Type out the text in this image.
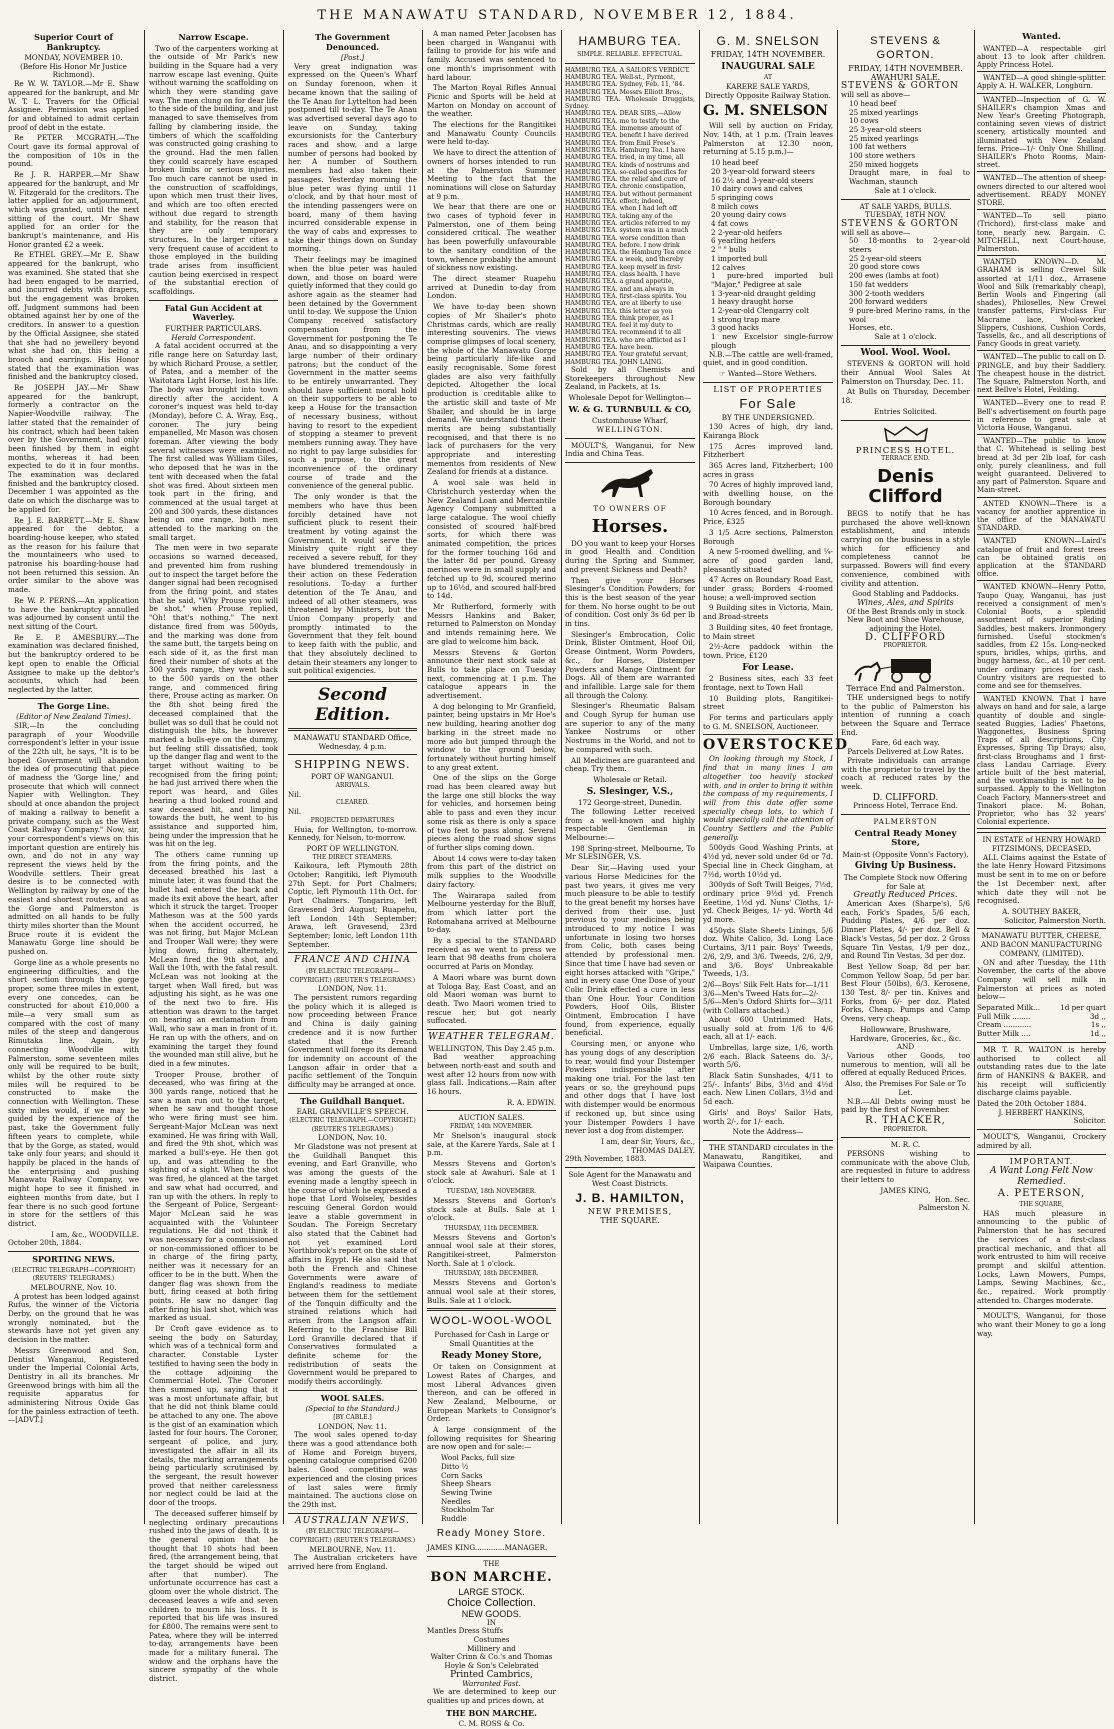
THE MANAWATU STANDARD, NOVEMBER 12, 1884.
Superior Court of Bankruptcy.
MONDAY, NOVEMBER 10.
(Before His Honor Mr Justice Richmond).

Re W. W. TAYLOR.—Mr E. Shaw appeared for the bankrupt, and Mr W. T. L. Travers for the Official Assignee. Permission was applied for and obtained to admit certain proof of debt in the estate.

Re PETER MCGRATH.—The Court gave its formal approval of the composition of 10s in the pound.

Re J. R. HARPER.—Mr Shaw appeared for the bankrupt, and Mr W. Fitzgerald for the creditors. The latter applied for an adjournment, which was granted, until the next sitting of the court. Mr Shaw applied for an order for the bankrupt's maintenance, and His Honor granted £2 a week.

Re ETHEL GREY.—Mr E. Shaw appeared for the bankrupt, who was examined. She stated that she had been engaged to be married, and incurred debts with drapers, but the engagement was broken off. Judgment summons had been obtained against her by one of the creditors. In answer to a question by the Official Assignee, she stated that she had no jewellery beyond what she had on, this being a brooch and earrings. His Honor stated that the examination was finished and the bankruptcy closed.

Re JOSEPH JAY.—Mr Shaw appeared for the bankrupt, formerly a contractor on the Napier-Woodville railway. The latter stated that the remainder of his contract, which had been taken over by the Government, had only been finished by them in eight months, whereas it had been expected to do it in four months. The examination was declared finished and the bankruptcy closed. December 1 was appointed as the date on which the discharge was to be applied for.

Re J. E. BARRETT.—Mr E. Shaw appeared for the debtor, a boarding-house keeper, who stated as the reason for his failure that the mountaineers who used to patronise his boarding-house had not been returned this session. An order similar to the above was made.

Re W. P. PERNS.—An application to have the bankruptcy annulled was adjourned by consent until the next sitting of the Court.

Re E. P. AMESBURY.—The examination was declared finished, but the bankruptcy ordered to be kept open to enable the Official Assignee to make up the debtor's accounts, which had been neglected by the latter.

The Gorge Line.
(Editor of New Zealand Times).

SIR,—In the concluding paragraph of your Woodville correspondent's letter in your issue of the 22th ult, he says, "It is to be hoped Government will abandon the idea of prosecuting that piece of madness the 'Gorge line,' and prosecute that which will connect Napier with Wellington. They should at once abandon the project of making a railway to benefit a private company, such as the West Coast Railway Company." Now, sir, your correspondent's views on this important question are entirely his own, and do not in any way represent the views held by the Woodville settlers. Their great desire is to be connected with Wellington by railway by one of the easiest and shortest routes, and as the Gorge and Palmerston is admitted on all hands to be fully thirty miles shorter than the Mount Bruce route it is evident the Manawatu Gorge line should be pushed on.

Gorge line as a whole presents no engineering difficulties, and the short section through the gorge proper, some three miles in extent, every one concedes, can be constructed for about £10,000 a mile—a very small sum as compared with the cost of many miles of the steep and dangerous Rimutaka line. Again, by connecting Woodville with Palmerston, some seventeen miles only will be required to be built, whilst by the other route sixty miles will be required to be constructed to make the connection with Wellington. These sixty miles would, if we may be guided by the experience of the past, take the Government fully fifteen years to complete, while that by the Gorge, as stated, would take only four years; and should it happily be placed in the hands of the enterprising and pushing Manawatu Railway Company, we might hope to see it finished in eighteen months from date, but I fear there is no such good fortune in store for the settlers of this district.

I am, &c., WOODVILLE.
October 20th, 1884.
SPORTING NEWS.
(ELECTRIC TELEGRAPH—COPYRIGHT) (REUTERS' TELEGRAMS.)
MELBOURNE, Nov. 10.

A protest has been lodged against Rufus, the winner of the Victoria Derby, on the ground that he was wrongly nominated, but the stewards have not yet given any decision in the matter.

Messrs Greenwood and Son, Dentist Wanganui, Registered under the Imperial Colonial Acts, Dentistry in all its branches. Mr Greenwood brings with him all the requisite apparatus for administering Nitrous Oxide Gas for the painless extraction of teeth.—[ADVT.]

Narrow Escape.

Two of the carpenters working at the outside of Mr Park's new building in the Square had a very narrow escape last evening. Quite without warning the scaffolding on which they were standing gave way. The men clung on for dear life to the side of the building, and just managed to save themselves from falling by clambering inside, the timbers of which the scaffolding was constructed going crashing to the ground. Had the men fallen they could scarcely have escaped broken limbs or serious injuries. Too much care cannot be used in the construction of scaffoldings, upon which men trust their lives, and which are too often erected without due regard to strength and stability, for the reason that they are only temporary structures. In the larger cities a very frequent cause of accident to those employed in the building trade arises from insufficient caution being exercised in respect of the substantial erection of scaffoldings.

Fatal Gun Accident at Waverley.
FURTHER PARTICULARS.
Herald Correspondent.

A fatal accident occurred at the rifle range here on Saturday last, by which Richard Prouse, a settler, of Patea, and a member of the Waitotara Light Horse, lost his life. The body was brought into town directly after the accident. A coroner's inquest was held to-day (Monday), before C. A. Wray, Esq., coroner. The jury being empanelled, Mr Mason was chosen foreman. After viewing the body several witnesses were examined. The first called was William Giles, who deposed that he was in the tent with deceased when the fatal shot was fired. About sixteen men took part in the firing, and commenced at the usual target at 200 and 300 yards, these distances being on one range, both men attended to the marking on the small target.

The men were in two separate occasions so warned deceased, and prevented him from rushing out to inspect the target before the danger signal had been recognised from the firing point, and states that he said, "Why Prouse you will be shot," when Prouse replied, "Oh! that's nothing." The next distance fired from was 500yds, and the marking was done from the same butt, the targets being on each side of it, as the first man fired their number of shots at the 300 yards range, they went back to the 500 yards on the other range, and commenced firing there, Prouse acting as marker. On the 8th shot being fired the deceased complained that the bullet was so dull that he could not distinguish the hits, he however marked a bulls-eye on the dummy, but feeling still dissatisfied, took up the danger flag and went to the target without waiting to be recognised from the firing point; he had just arrived there when the report was heard, and Giles hearing a thud looked round and saw deceased hit, and limping towards the butt, he went to his assistance and supported him, being under the impression that he was hit on the leg.

The others came running up from the firing points, and the deceased breathed his last a minute later, it was found that the bullet had entered the back and made its exit above the heart, after which it struck the target. Trooper Matheson was at the 500 yards when the accident occurred, he was not firing, but Major McLean and Trooper Wall were; they were lying down, firing alternately, McLean fired the 9th shot, and Wall the 10th, with the fatal result. McLean was not looking at the target when Wall fired, but was adjusting his sight, as he was one of the next two to fire. His attention was drawn to the target on hearing an exclamation from Wall, who saw a man in front of it. He ran up with the others, and on examining the target they found the wounded man still alive, but he died in a few minutes.

Trooper Prouse, brother of deceased, who was firing at the 300 yards range, noticed that he saw a man run out to the target, when he saw and thought those who were firing must see him. Sergeant-Major McLean was next examined. He was firing with Wall, and fired the 9th shot, which was marked a bull's-eye. He then got up, and was attending to the sighting of a sight. When the shot was fired, he glanced at the target and saw what had occurred, and ran up with the others. In reply to the Sergeant of Police, Sergeant-Major McLean said he was acquainted with the Volunteer regulations. He did not think it was necessary for a commissioned or non-commissioned officer to be in charge of the firing party, neither was it necessary for an officer to be in the butt. When the danger flag was shown from the butt, firing ceased at both firing points. He saw no danger flag after firing his last shot, which was marked as usual.

Dr Croft gave evidence as to seeing the body on Saturday, which was of a technical form and character. Constable Lyster testified to having seen the body in the cottage adjoining the Commercial Hotel. The Coroner then summed up, saying that it was a most unfortunate affair, but that he did not think blame could be attached to any one. The above is the gist of an examination which lasted for four hours. The Coroner, sergeant of police, and jury, investigated the affair in all its details, the marking arrangements being particularly scrutinised by the sergeant, the result however proved that neither carelessness nor neglect could be laid at the door of the troops.

The deceased sufferer himself by neglecting ordinary precautions rushed into the jaws of death. It is the general opinion that he thought that 10 shots had been fired, (the arrangement being, that the target should be wiped out after that number). The unfortunate occurrence has cast a gloom over the whole district. The deceased leaves a wife and seven children to mourn his loss. It is reported that his life was insured for £800. The remains were sent to Patea, where they will be interred to-day, arrangements have been made for a military funeral. The widow and the orphans have the sincere sympathy of the whole district.

The Government Denounced.
[Post.]

Very great indignation was expressed on the Queen's Wharf on Sunday forenoon, when it became known that the sailing of the Te Anau for Lyttelton had been postponed till to-day. The Te Anau was advertised several days ago to leave on Sunday, taking excursionists for the Canterbury races and show, and a large number of persons had booked by her. A number of Southern members had also taken their passages. Yesterday morning the blue peter was flying until 11 o'clock, and by that hour most of the intending passengers were on board, many of them having incurred considerable expense in the way of cabs and expresses to take their things down on Sunday morning.

Their feelings may be imagined when the blue peter was hauled down, and those on board were quietly informed that they could go ashore again as the steamer had been detained by the Government until to-day. We suppose the Union Company received satisfactory compensation from the Government for postponing the Te Anau, and so disappointing a very large number of their ordinary patrons; but the conduct of the Government in the matter seems to be entirely unwarranted. They should have sufficient moral hold on their supporters to be able to keep a House for the transaction of necessary business, without having to resort to the expedient of stopping a steamer to prevent members running away. They have no right to pay large subsidies for such a purpose, to the great inconvenience of the ordinary course of trade and the convenience of the general public.

The only wonder is that the members who have thus been forcibly detained have not sufficient pluck to resent their treatment by voting against the Government. It would serve the Ministry quite right if they received a severe rebuff, for they have blundered tremendously in their action on these Federation resolutions. To-day a further detention of the Te Anau, and indeed of all other steamers, was threatened by Ministers, but the Union Company properly and promptly intimated to the Government that they felt bound to keep faith with the public, and that they absolutely declined to detain their steamers any longer to suit political exigencies.

Second Edition.
MANAWATU STANDARD Office, Wednesday, 4 p.m.
SHIPPING NEWS.
PORT OF WANGANUI.
ARRIVALS.
Nil.
CLEARED.
Nil.
PROJECTED DEPARTURES

Huia, for Wellington, to-morrow. Kennedy, for Nelson, to-morrow.

PORT OF WELLINGTON.
THE DIRECT STEAMERS.

Kaikoura, left Plymouth 28th October; Rangitiki, left Plymouth 27th Sept. for Port Chalmers; Coptic, left Plymouth 11th Oct. for Port Chalmers. Tongariro, left Gravesend 3rd August; Ruapehu, left London 14th September; Arawa, left Gravesend, 23rd September; Ionic, left London 11th September.

FRANCE AND CHINA
(BY ELECTRIC TELEGRAPH—COPYRIGHT.) (REUTER'S TELEGRAMS.)
LONDON, Nov. 11.

The persistent rumors regarding the policy which it is alleged is now proceeding between France and China is daily gaining credence and it is now further stated that the French Government will forego its demand for indemnity on account of the Langson affair in order that a pacific settlement of the Tonquin difficulty may be arranged at once.

The Guildhall Banquet.
EARL GRANVILLE'S SPEECH.
(ELECTRIC TELEGRAPH.—COPYRIGHT.) (REUTER'S TELEGRAMS.)
LONDON, Nov. 10.

Mr Gladstone was not present at the Guildhall Banquet this evening, and Earl Granville, who was among the guests of the evening made a lengthy speech in the course of which he expressed a hope that Lord Wolseley, besides rescuing General Gordon would leave a stable government in Soudan. The Foreign Secretary also stated that the Cabinet had not yet examined Lord Northbrook's report on the state of affairs in Egypt. He also said that both the French and Chinese Governments were aware of England's readiness to mediate between them for the settlement of the Tonquin difficulty and the strained relations which had arisen from the Langson affair. Referring to the Franchise Bill Lord Granville declared that if Conservatives formulated a definite scheme for the redistribution of seats the Government would be prepared to modify theirs accordingly.

WOOL SALES.
(Special to the Standard.)
[BY CABLE.]
LONDON, Nov. 11.

The wool sales opened to-day there was a good attendance both of Home and Foreign buyers, opening catalogue comprised 6200 bales. Good competition was experienced and the closing prices of last sales were firmly maintained. The auctions close on the 29th inst.

AUSTRALIAN NEWS.
(BY ELECTRIC TELEGRAPH—COPYRIGHT.) (REUTER'S TELEGRAMS.)
MELBOURNE, Nov. 11.

The Australian cricketers have arrived here from England.

A man named Peter Jacobsen has been charged in Wanganui with failing to provide for his wife and family. Accused was sentenced to one month's imprisonment with hard labour.

The Marton Royal Rifles Annual Picnic and Sports will be held at Marton on Monday on account of the weather.

The elections for the Rangitikei and Manawatu County Councils were held to-day.

We have to direct the attention of owners of horses intended to run at the Palmerston Summer Meeting to the fact that the nominations will close on Saturday at 9 p.m.

We hear that there are one or two cases of typhoid fever in Palmerston, one of them being considered critical. The weather has been powerfully unfavourable to the sanitary condition of the town, whence probably the amount of sickness now existing.

The direct steamer Ruapehu arrived at Dunedin to-day from London.

We have to-day been shown copies of Mr Shailer's photo Christmas cards, which are really interesting souvenirs. The views comprise glimpses of local scenery, the whole of the Manawatu Gorge being particularly life-like and easily recognisable. Some forest glades are also very faithfully depicted. Altogether the local production is creditable alike to the artistic skill and taste of Mr Shailer, and should be in large demand. We understand that their merits are being substantially recognised, and that there is no lack of purchasers for the very appropriate and interesting mementos from residents of New Zealand for friends at a distance.

A wool sale was held in Christchurch yesterday when the New Zealand Loan and Mercantile Agency Company submitted a large catalogue. The wool chiefly consisted of scoured half-bred sorts, for which there was animated competition, the prices for the former touching 16d and the latter 8d per pound. Greasy merinoes were in small supply and fetched up to 9d, scoured merino up to 16½d, and scoured half-bred to 14d.

Mr Rutherford, formerly with Messrs Hankins and Baker, returned to Palmerston on Monday and intends remaining here. We are glad to welcome him back.

Messrs Stevens & Gorton announce their next stock sale at Bulls to take place on Tuesday next, commencing at 1 p.m. The catalogue appears in the advertisement.

A dog belonging to Mr Granfield, painter, being upstairs in Mr Hoe's new building, hearing another dog barking in the street made no more ado but jumped through the window to the ground below, fortunately without hurting himself to any great extent.

One of the slips on the Gorge road has been cleared away but the large one still blocks the way for vehicles, and horsemen being able to pass and even they incur some risk as there is only a space of two feet to pass along. Several pieces along the road show signs of further slips coming down.

About 14 cows were to-day taken from this part of the district on milk supplies to the Woodville dairy factory.

The Wairarapa sailed from Melbourne yesterday for the Bluff, from which latter port the Rotomahana arrived at Melbourne to-day.

By a special to the STANDARD received as we went to press we learn that 98 deaths from cholera occurred at Paris on Monday.

A Maori whare was burnt down at Tologa Bay, East Coast, and an old Maori woman was burnt to death. Two Maori women tried to rescue her, but got nearly suffocated.

WEATHER TELEGRAM.
WELLINGTON, This Day 2.45 p.m.

Bad weather approaching between north-east and south and west after 12 hours from now with glass fall. Indications.—Rain after 16 hours.

R. A. EDWIN.
AUCTION SALES.
FRIDAY, 14th NOVEMBER.

Mr Snelson's inaugural stock sale, at the Karere Yards. Sale at 1 p.m.

Messrs Stevens and Gorton's stock sale at Awahuri. Sale at 1 o'clock.

TUESDAY, 18th NOVEMBER.

Messrs Stevens and Gorton's stock sale at Bulls. Sale at 1 o'clock.

THURSDAY, 11th DECEMBER.

Messrs Stevens and Gorton's annual wool sale at their stores, Rangitikei-street, Palmerston North. Sale at 1 o'clock.

THURSDAY, 18th DECEMBER.

Messrs Stevens and Gorton's annual wool sale at their stores, Bulls. Sale at 1 o'clock.

WOOL-WOOL-WOOL
Purchased for Cash in Large or Small Quantities at the
Ready Money Store,

Or taken on Consignment at Lowest Rates of Charges, and most Liberal Advances given thereon, and can be offered in New Zealand, Melbourne, or European Markets to Consignor's Order.

A large consignment of the following requisites for Shearing are now open and for sale:—

Wool Packs, full size
Ditto ½
Corn Sacks
Sheep Shears
Sewing Twine
Needles
Stockholm Tar
Ruddle
Ready Money Store.
JAMES KING.............MANAGER.
THE
BON MARCHE.
LARGE STOCK.
Choice Collection.
NEW GOODS.
IN
Mantles Dress Stuffs
Costumes
Millinery and
Walter Crinn & Co.'s and Thomas Hoyle & Son's Celebrated
Printed Cambrics,
Warranted Fast.

We are determined to keep our qualities up and prices down, at

THE BON MARCHE.
C. M. ROSS & Co.
HAMBURG TEA.
SIMPLE. RELIABLE. EFFECTUAL.
HAMBURG TEA. A SAILOR'S VERDICT.
HAMBURG TEA. Well-st., Pyrmont,
HAMBURG TEA. Sydney, Feb. 11, '84.
HAMBURG TEA. Messrs Elliott Bros.,
HAMBURG TEA. Wholesale Druggists, Sydney.
HAMBURG TEA. DEAR SIRS,—Allow
HAMBURG TEA. me to testify to the
HAMBURG TEA. immense amount of
HAMBURG TEA. benefit I have derived
HAMBURG TEA. from Emil Frese's
HAMBURG TEA. Hamburg Tea. I have
HAMBURG TEA. tried, in my time, all
HAMBURG TEA. kinds of nostrums and
HAMBURG TEA. so-called specifics for
HAMBURG TEA. the relief and cure of
HAMBURG TEA. chronic constipation,
HAMBURG TEA. but without permanent
HAMBURG TEA. effect; indeed,
HAMBURG TEA. when I had left off
HAMBURG TEA. taking any of the
HAMBURG TEA. articles referred to my
HAMBURG TEA. system was in a much
HAMBURG TEA. worse condition than
HAMBURG TEA. before. I now drink
HAMBURG TEA. the Hamburg Tea once
HAMBURG TEA. a week, and thereby
HAMBURG TEA. keep myself in first-
HAMBURG TEA. class health. I have
HAMBURG TEA. a grand appetite,
HAMBURG TEA. and am always in
HAMBURG TEA. first-class spirits. You
HAMBURG TEA. are at liberty to use
HAMBURG TEA. this letter as you
HAMBURG TEA. think proper, as I
HAMBURG TEA. feel it my duty to
HAMBURG TEA. recommend it to all
HAMBURG TEA. who are afflicted as I
HAMBURG TEA. have been.
HAMBURG TEA. Your grateful servant,
HAMBURG TEA. JOHN LAING.

Sold by all Chemists and Storekeepers throughout New Zealand, in Packets, at 1s.

Wholesale Depot for Wellington—
W. & G. TURNBULL & CO,
Customhouse Wharf,
WELLINGTON.

MOULT'S, Wanganui, for New India and China Teas.

TO OWNERS OF
Horses.

DO you want to keep your Horses in good Health and Condition during the Spring and Summer, and prevent Sickness and Death?

Then give your Horses Slesinger's Condition Powders; for this is the best season of the year for them. No horse ought to be out of condition. Cost only 3s 6d per lb in tins.

Slesinger's Embrocation, Colic Drink, Blister Ointment, Hoof Oil, Grease Ointment, Worm Powders, &c., for Horses, Distemper Powders and Mange Ointment for Dogs. All of them are warranted and infallible. Large sale for them all through the Colony.

Slesinger's Rheumatic Balsam and Cough Syrup for human use are superior to any of the many Yankee Nostrums or other Nostrums in the World, and not to be compared with such.

All Medicines are guaranteed and cheap. Try them.

Wholesale or Retail.
S. Slesinger, V.S.,
172 George-street, Dunedin.

The following Letter received from a well-known and highly respectable Gentleman in Melbourne:—

198 Spring-street, Melbourne, To Mr SLESINGER, V.S.

Dear Sir,—Having used your various Horse Medicines for the past two years, it gives me very much pleasure to be able to testify to the great benefit my horses have derived from their use. Just previous to your medicines being introduced to my notice I was unfortunate in losing two horses from Colic, both cases being attended by professional men. Since that time I have had seven or eight horses attacked with "Gripe," and in every case One Dose of your Colic Drink effected a cure in less than One Hour. Your Condition Powders, Hoof Oils, Blister Ointment, Embrocation I have found, from experience, equally beneficial.

Coursing men, or anyone who has young dogs of any description to rear, would find your Distemper Powders indispensable after making one trial. For the last ten years or so, the greyhound pups and other dogs that I have lost with distemper would be enormous if reckoned up, but since using your Distemper Powders I have never lost a dog from distemper.

I am, dear Sir, Yours, &c., THOMAS DALEY.
29th November, 1883.
Sole Agent for the Manawatu and West Coast Districts.
J. B. HAMILTON,
NEW PREMISES,
THE SQUARE.
G. M. SNELSON
FRIDAY, 14TH NOVEMBER.
INAUGURAL SALE
AT
KARERE SALE YARDS,
Directly Opposite Railway Station.
G. M. SNELSON

Will sell by auction on Friday, Nov. 14th, at 1 p.m. (Train leaves Palmerston at 12.30 noon, returning at 5.15 p.m.)—

10 head beef
20 3-year-old forward steers
16 2½ and 3-year-old steers
10 dairy cows and calves
5 springing cows
8 milch cows
20 young dairy cows
4 fat cows
2 2-year-old heifers
6 yearling heifers
2 " " bulls
1 imported bull
12 calves
1 pure-bred imported bull "Major," Pedigree at sale
1 3-year-old draught gelding
1 heavy draught horse
1 2-year-old Clengarry colt
1 strong trap mare
3 good hacks
1 new Excelsior single-furrow plough

N.B.—The cattle are well-framed, quiet, and in good condition.

☞ Wanted—Store Wethers.
LIST OF PROPERTIES
For Sale
BY THE UNDERSIGNED.

130 Acres of high, dry land, Kairanga Block

175 Acres improved land, Fitzherbert

365 Acres land, Fitzherbert; 100 acres in grass

70 Acres of highly improved land, with dwelling house, on the Borough boundary

10 Acres fenced, and in Borough. Price, £325

3 1/5 Acre sections, Palmerston Borough

A new 5-roomed dwelling, and ¼-acre of good garden land, pleasantly situated

47 Acres on Boundary Road East, under grass; Borders 4-roomed house; a well-improved section

9 Building sites in Victoria, Main, and Broad-streets

3 Building sites, 40 feet frontage, to Main street

2½-Acre paddock within the town. Price, £120

For Lease.

2 Business sites, each 33 feet frontage, next to Town Hall

10 Building plots, Rangitikei-street

For terms and particulars apply to G. M. SNELSON, Auctioneer.

OVERSTOCKED

On looking through my Stock, I find that in many lines I am altogether too heavily stocked with, and in order to bring it within the compass of my requirements, I will from this date offer some specially cheap lots, to which I would specially call the attention of Country Settlers and the Public generally.

500yds Good Washing Prints, at 4½d yd, never sold under 6d or 7d. Special line in Check Gingham, at 7½d, worth 10½d yd.

300yds of Soft Twill Beiges, 7½d, ordinary price 9½d yd. French Eeetine, 1½d yd. Nuns' Cloths, 1/- yd. Check Beiges, 1/- yd. Worth 4d yd more.

450yds Slate Sheets Linings, 5/6 doz. White Calico, 3d. Long Lace Curtains, 3/11 pair. Boys' Tweeds, 2/6, 2/9, and 3/6. Tweeds, 2/6, 2/9, and 3/6. Boys' Unbreakable Tweeds, 1/3.

2/6—Boys' Silk Felt Hats for—1/11
3/6—Men's Tweed Hats for—2/-
5/6—Men's Oxford Shirts for—3/11 (with Collars attached.)

About 600 Untrimmed Hats, usually sold at from 1/6 to 4/6 each, all at 1/- each.

Umbrellas, large size, 1/6, worth 2/6 each. Black Sateens do. 3/-, worth 5/6.

Black Satin Sunshades, 4/11 to 25/-. Infants' Bibs, 3½d and 4½d each. New Linen Collars, 3½d and 5d each.

Girls' and Boys' Sailor Hats, worth 2/-, for 1/- each.

Note the Address—

THE STANDARD circulates in the Manawatu, Rangitikei, and Waipawa Counties.

STEVENS & GORTON.
FRIDAY, 14TH NOVEMBER.
AWAHURI SALE.
STEVENS & GORTON
will sell as above—
10 head beef
25 mixed yearlings
10 cows
25 3-year-old steers
25 mixed yearlings
100 fat wethers
100 store wethers
250 mixed hoggets
Draught mare, in foal to Wachman, staunch
Sale at 1 o'clock.
AT SALE YARDS, BULLS.
TUESDAY, 18TH NOV.
STEVENS & GORTON
will sell as above—
50 18-months to 2-year-old steers
25 2-year-old steers
20 good store cows
200 ewes (lambs at foot)
150 fat wedders
300 2-tooth wedders
200 forward wedders
9 pure-bred Merino rams, in the wool
Horses, etc.
Sale at 1 o'clock.
Wool. Wool. Wool.

STEVENS & GORTON will hold their Annual Wool Sales At Palmerston on Thursday, Dec. 11.

At Bulls on Thursday, December 18.

Entries Solicited.
PRINCESS HOTEL.
TERRACE END.
Denis Clifford

BEGS to notify that he has purchased the above well-known establishment, and intends carrying on the business in a style which for efficiency and completeness cannot be surpassed. Bowers will find every convenience, combined with civility and attention.

Good Stabling and Paddocks.
Wines, Ales, and Spirits
Of the Best Brands only in stock
New Boot and Shoe Warehouse, adjoining the Hotel.
D. CLIFFORD
PROPRIETOR.
Terrace End and Palmerston.

THE undersigned begs to notify to the public of Palmerston his intention of running a coach between the Square and Terrace End.

Fare, 6d each way.
Parcels Delivered at Low Rates.

Private individuals can arrange with the proprietor to travel by the coach at reduced rates by the week.

D. CLIFFORD.
Princess Hotel, Terrace End.
PALMERSTON
Central Ready Money Store,
Main-st (Opposite Vonn's Factory).
Giving Up Business.
The Complete Stock now Offering for Sale at
Greatly Reduced Prices.

American Axes (Sharpe's), 5/6 each, Fork's Spades, 5/6 each, Pudding Plates, 4/6 per doz. Dinner Plates, 4/- per doz. Bell & Black's Vestas, 5d per doz. 2 Gross Square Tin Vestas, 1/9 per doz., and Round Tin Vestas, 3d per doz.

Best Yellow Soap, 8d per bar. Common Yellow Soap, 5d per bar. Best Flour (50lbs), 6/3. Kerosene, 130 Test, 8/- per tin. Knives and Forks, from 6/- per doz. Plated Forks, Cheap. Pumps and Camp Ovens, very cheap.

Hollowware, Brushware, Hardware, Groceries, &c., &c.
AND

Various other Goods, too numerous to mention, will all be offered at equally Reduced Prices.

Also, the Premises For Sale or To Let.

N.B.—All Debts owing must be paid by the first of November.

R. THACKER,
PROPRIETOR.
M. R. C.

PERSONS wishing to communicate with the above Club, are requested in future to address their letters to

JAMES KING,
Hon. Sec.
Palmerston N.
Wanted.

WANTED—A respectable girl about 13 to look after children. Apply Princess Hotel.

WANTED—A good shingle-splitter. Apply A. H. WALKER, Longburn.

WANTED—Inspection of G. W. SHAILER's champion Xmas and New Year's Greeting Photograph, containing seven views of district scenery, artistically mounted and illuminated with New Zealand ferns. Price—1/- Only One Shilling. SHAILER's Photo Rooms, Main-street.

WANTED—The attention of sheep-owners directed to our altered wool advertisement. READY MONEY STORE.

WANTED—To sell piano (Trichord), first-class make and tone, nearly new. Bargain. C. MITCHELL, next Court-house, Palmerston.

WANTED KNOWN—D. M. GRAHAM is selling Crewel Silk assorted at 1/11 doz., Arrasene Wool and Silk (remarkably cheap), Berlin Wools and Fingering (all shades), Philoselles, New Crewel transfer patterns, First-class Fur Macrame lace, Wool-worked Slippers, Cushions, Cushion Cords, Tassells, &c., and all descriptions of Fancy Goods in great variety.

WANTED—The public to call on D. PRINGLE, and buy their Saddlery. The cheapest house in the district. The Square, Palmerston North, and next Bellve's Hotel, Feilding.

WANTED—Every one to read P. Bell's advertisement on fourth page in reference to great sale at Victoria House, Wanganui.

WANTED—The public to know that C. Whitehead is selling best bread at 3d per 2lb loaf, for cash only, purely cleanliness, and full weight guaranteed. Delivered to any part of Palmerston. Square and Main-street.

ANTED KNOWN—There is a vacancy for another apprentice in the office of the MANAWATU STANDARD.

WANTED KNOWN—Laird's catalogue of fruit and forest trees can be obtained gratis on application at the STANDARD office.

WANTED KNOWN—Henry Potto, Taupo Quay, Wanganui, has just received a consignment of men's Colonial Boots, a splendid assortment of superior Riding Saddles, best makers. Ironmongery furnished. Useful stockmen's saddles, from £2 15s. Long-necked spurs, bridles, whips, girths, and buggy harness, &c., at 10 per cent. under ordinary prices for cash. Country visitors are requested to come and see for themselves.

WANTED KNOWN. That I have always on hand and for sale, a large quantity of double and single-seated Buggies, Ladies' Phaetons, Waggonettes, Business Spring Traps of all descriptions, City Expresses, Spring Tip Drays; also, first-class Broughams and 1 first-class Landau Carriage. Every article built of the best material, and the workmanship is not to be surpassed. Apply to the Wellington Coach Factory, Manners-street and Tinakori place. M. Bohan, Proprietor, who has 32 years' Colonial experience.

IN ESTATE of HENRY HOWARD FITZSIMONS, DECEASED.

ALL Claims against the Estate of the late Henry Howard Fitzsimons must be sent in to me on or before the 1st December next, after which date they will not be recognised.

A. SOUTHEY BAKER,
Solicitor, Palmerston North.
MANAWATU BUTTER, CHEESE, AND BACON MANUFACTURING COMPANY, (LIMITED).

ON and after Tuesday, the 11th November, the carts of the above Company will sell milk in Palmerston at prices as noted below—

Separated Milk...	1d per quart
Full Milk ........	3d ,,
Cream ............	1s ,,
Butter Milk ....	1d ,,

MR T. R. WALTON is hereby authorised to collect all outstanding rates due to the late firm of HANKINS & BAKER, and his receipt will sufficiently discharge claims payable.

Dated the 20th October 1884.
J. HERBERT HANKINS,
Solicitor.

MOULT'S, Wanganui, Crockery admired by all.

IMPORTANT.
A Want Long Felt Now Remedied.
A. PETERSON,
THE SQUARE,

HAS much pleasure in announcing to the public of Palmerston that he has secured the services of a first-class practical mechanic, and that all work entrusted to him will receive prompt and skilful attention. Locks, Lawn Mowers, Pumps, Lamps, Sewing Machines, &c., &c., repaired. Work promptly attended to. Charges moderate.

MOULT'S, Wanganui, for those who want their Money to go a long way.
